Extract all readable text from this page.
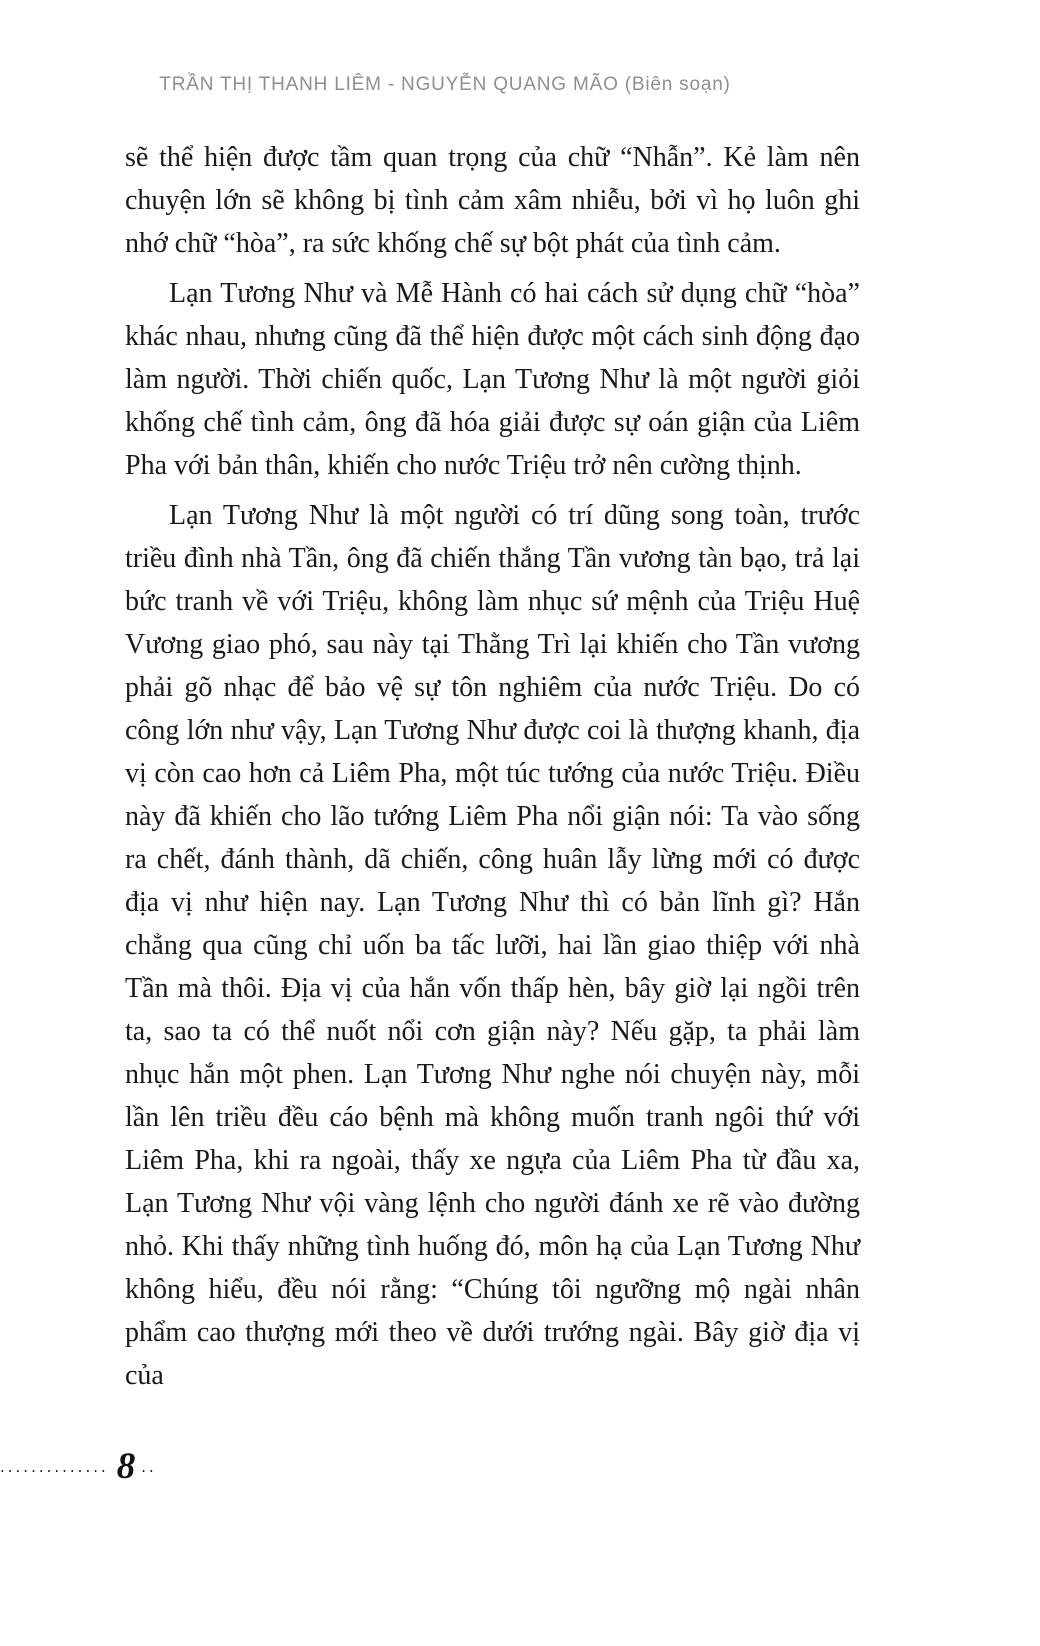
TRẦN THỊ THANH LIÊM - NGUYỄN QUANG MÃO (Biên soạn)

sẽ thể hiện được tầm quan trọng của chữ “Nhẫn”. Kẻ làm nên chuyện lớn sẽ không bị tình cảm xâm nhiễu, bởi vì họ luôn ghi nhớ chữ “hòa”, ra sức khống chế sự bột phát của tình cảm.

Lạn Tương Như và Mễ Hành có hai cách sử dụng chữ “hòa” khác nhau, nhưng cũng đã thể hiện được một cách sinh động đạo làm người. Thời chiến quốc, Lạn Tương Như là một người giỏi khống chế tình cảm, ông đã hóa giải được sự oán giận của Liêm Pha với bản thân, khiến cho nước Triệu trở nên cường thịnh.

Lạn Tương Như là một người có trí dũng song toàn, trước triều đình nhà Tần, ông đã chiến thắng Tần vương tàn bạo, trả lại bức tranh về với Triệu, không làm nhục sứ mệnh của Triệu Huệ Vương giao phó, sau này tại Thằng Trì lại khiến cho Tần vương phải gõ nhạc để bảo vệ sự tôn nghiêm của nước Triệu. Do có công lớn như vậy, Lạn Tương Như được coi là thượng khanh, địa vị còn cao hơn cả Liêm Pha, một túc tướng của nước Triệu. Điều này đã khiến cho lão tướng Liêm Pha nổi giận nói: Ta vào sống ra chết, đánh thành, dã chiến, công huân lẫy lừng mới có được địa vị như hiện nay. Lạn Tương Như thì có bản lĩnh gì? Hắn chẳng qua cũng chỉ uốn ba tấc lưỡi, hai lần giao thiệp với nhà Tần mà thôi. Địa vị của hắn vốn thấp hèn, bây giờ lại ngồi trên ta, sao ta có thể nuốt nổi cơn giận này? Nếu gặp, ta phải làm nhục hắn một phen. Lạn Tương Như nghe nói chuyện này, mỗi lần lên triều đều cáo bệnh mà không muốn tranh ngôi thứ với Liêm Pha, khi ra ngoài, thấy xe ngựa của Liêm Pha từ đầu xa, Lạn Tương Như vội vàng lệnh cho người đánh xe rẽ vào đường nhỏ. Khi thấy những tình huống đó, môn hạ của Lạn Tương Như không hiểu, đều nói rằng: “Chúng tôi ngưỡng mộ ngài nhân phẩm cao thượng mới theo về dưới trướng ngài. Bây giờ địa vị của

.............. 8 ..
